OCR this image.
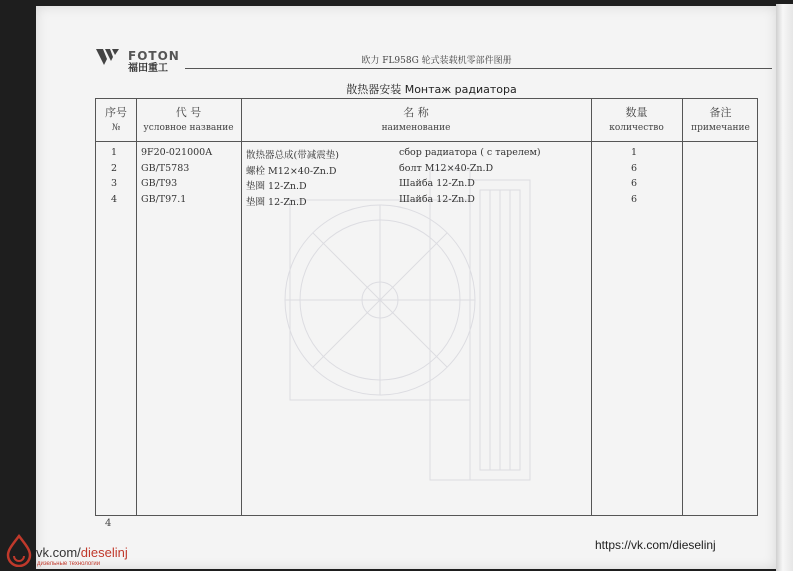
FOTON
福田重工
欧力 FL958G 轮式装载机零部件图册
散热器安装 Монтаж радиатора
序号
№
代 号
условное название
名 称
наименование
数量
количество
备注
примечание
1	9F20-021000A	散热器总成(带减震垫)	сбор радиатора ( с тарелем)	1
2	GB/T5783	螺栓 M12×40-Zn.D	болт M12×40-Zn.D	6
3	GB/T93	垫圈 12-Zn.D	Шайба 12-Zn.D	6
4	GB/T97.1	垫圈 12-Zn.D	Шайба 12-Zn.D	6
4
vk.com/dieselinj
дизельные технологии
https://vk.com/dieselinj
